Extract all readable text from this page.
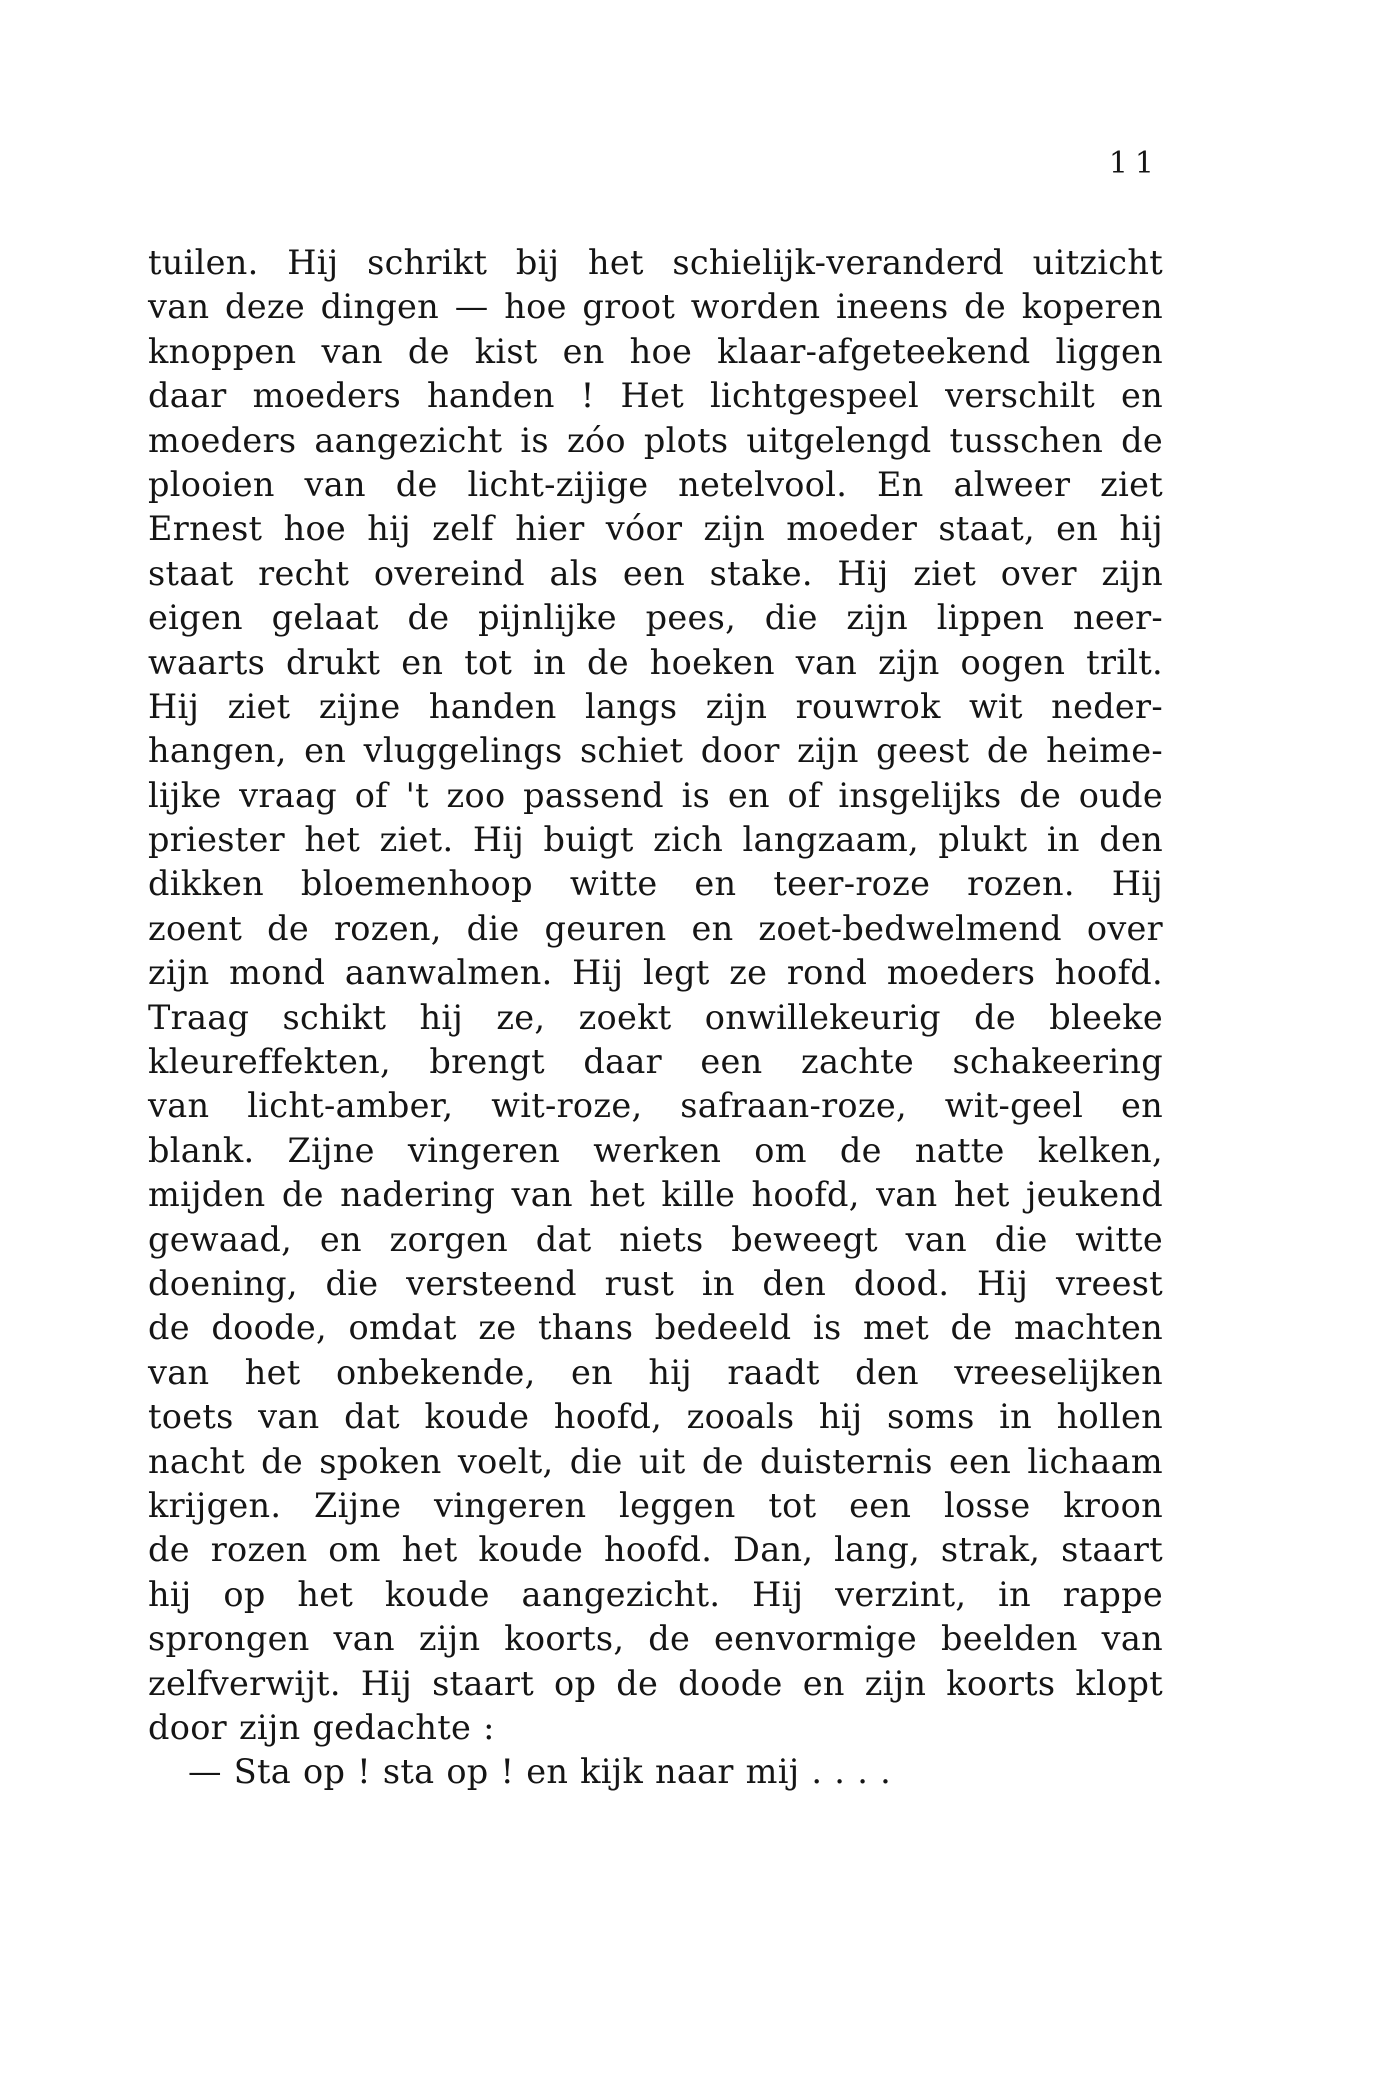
11
tuilen. Hij schrikt bij het schielijk-veranderd uitzicht
van deze dingen — hoe groot worden ineens de koperen
knoppen van de kist en hoe klaar-afgeteekend liggen
daar moeders handen ! Het lichtgespeel verschilt en
moeders aangezicht is zóo plots uitgelengd tusschen de
plooien van de licht-zijige netelvool. En alweer ziet
Ernest hoe hij zelf hier vóor zijn moeder staat, en hij
staat recht overeind als een stake. Hij ziet over zijn
eigen gelaat de pijnlijke pees, die zijn lippen neer-
waarts drukt en tot in de hoeken van zijn oogen trilt.
Hij ziet zijne handen langs zijn rouwrok wit neder-
hangen, en vluggelings schiet door zijn geest de heime-
lijke vraag of 't zoo passend is en of insgelijks de oude
priester het ziet. Hij buigt zich langzaam, plukt in den
dikken bloemenhoop witte en teer-roze rozen. Hij
zoent de rozen, die geuren en zoet-bedwelmend over
zijn mond aanwalmen. Hij legt ze rond moeders hoofd.
Traag schikt hij ze, zoekt onwillekeurig de bleeke
kleureffekten, brengt daar een zachte schakeering
van licht-amber, wit-roze, safraan-roze, wit-geel en
blank. Zijne vingeren werken om de natte kelken,
mijden de nadering van het kille hoofd, van het jeukend
gewaad, en zorgen dat niets beweegt van die witte
doening, die versteend rust in den dood. Hij vreest
de doode, omdat ze thans bedeeld is met de machten
van het onbekende, en hij raadt den vreeselijken
toets van dat koude hoofd, zooals hij soms in hollen
nacht de spoken voelt, die uit de duisternis een lichaam
krijgen. Zijne vingeren leggen tot een losse kroon
de rozen om het koude hoofd. Dan, lang, strak, staart
hij op het koude aangezicht. Hij verzint, in rappe
sprongen van zijn koorts, de eenvormige beelden van
zelfverwijt. Hij staart op de doode en zijn koorts klopt
door zijn gedachte :
— Sta op ! sta op ! en kijk naar mij . . . .
